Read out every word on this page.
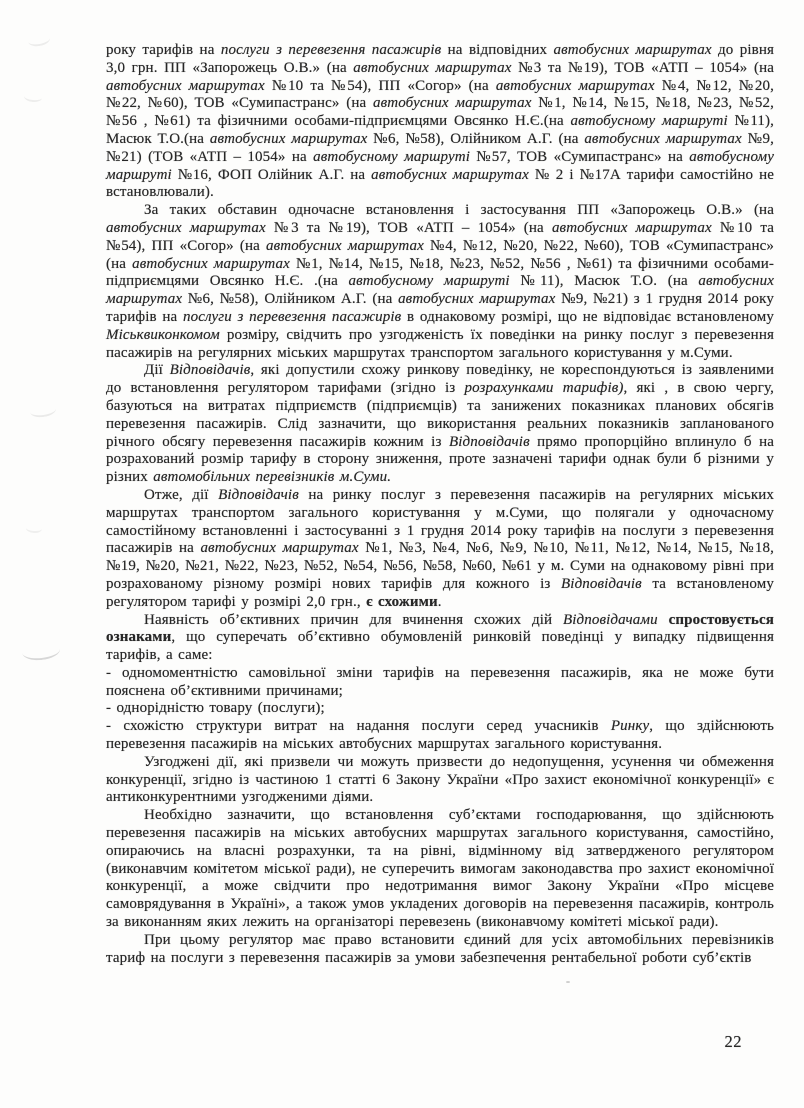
року тарифів на послуги з перевезення пасажирів на відповідних автобусних маршрутах до рівня 3,0 грн. ПП «Запорожець О.В.» (на автобусних маршрутах №3 та №19), ТОВ «АТП – 1054» (на автобусних маршрутах №10 та №54), ПП «Согор» (на автобусних маршрутах №4, №12, №20, №22, №60), ТОВ «Сумипастранс» (на автобусних маршрутах №1, №14, №15, №18, №23, №52, №56 , №61) та фізичними особами-підприємцями Овсянко Н.Є.(на автобусному маршруті №11), Масюк Т.О.(на автобусних маршрутах №6, №58), Олійником А.Г. (на автобусних маршрутах №9, №21) (ТОВ «АТП – 1054» на автобусному маршруті №57, ТОВ «Сумипастранс» на автобусному маршруті №16, ФОП Олійник А.Г. на автобусних маршрутах № 2 і №17А тарифи самостійно не встановлювали).

За таких обставин одночасне встановлення і застосування ПП «Запорожець О.В.» (на автобусних маршрутах №3 та №19), ТОВ «АТП – 1054» (на автобусних маршрутах №10 та №54), ПП «Согор» (на автобусних маршрутах №4, №12, №20, №22, №60), ТОВ «Сумипастранс» (на автобусних маршрутах №1, №14, №15, №18, №23, №52, №56 , №61) та фізичними особами-підприємцями Овсянко Н.Є. .(на автобусному маршруті №11), Масюк Т.О. (на автобусних маршрутах №6, №58), Олійником А.Г. (на автобусних маршрутах №9, №21) з 1 грудня 2014 року тарифів на послуги з перевезення пасажирів в однаковому розмірі, що не відповідає встановленому Міськвиконкомом розміру, свідчить про узгодженість їх поведінки на ринку послуг з перевезення пасажирів на регулярних міських маршрутах транспортом загального користування у м.Суми.

Дії Відповідачів, які допустили схожу ринкову поведінку, не кореспондуються із заявленими до встановлення регулятором тарифами (згідно із розрахунками тарифів), які , в свою чергу, базуються на витратах підприємств (підприємців) та занижених показниках планових обсягів перевезення пасажирів. Слід зазначити, що використання реальних показників запланованого річного обсягу перевезення пасажирів кожним із Відповідачів прямо пропорційно вплинуло б на розрахований розмір тарифу в сторону зниження, проте зазначені тарифи однак були б різними у різних автомобільних перевізників м.Суми.

Отже, дії Відповідачів на ринку послуг з перевезення пасажирів на регулярних міських маршрутах транспортом загального користування у м.Суми, що полягали у одночасному самостійному встановленні і застосуванні з 1 грудня 2014 року тарифів на послуги з перевезення пасажирів на автобусних маршрутах №1, №3, №4, №6, №9, №10, №11, №12, №14, №15, №18, №19, №20, №21, №22, №23, №52, №54, №56, №58, №60, №61 у м. Суми на однаковому рівні при розрахованому різному розмірі нових тарифів для кожного із Відповідачів та встановленому регулятором тарифі у розмірі 2,0 грн., є схожими.

Наявність об’єктивних причин для вчинення схожих дій Відповідачами спростовується ознаками, що суперечать об’єктивно обумовленій ринковій поведінці у випадку підвищення тарифів, а саме:

- одномоментністю самовільної зміни тарифів на перевезення пасажирів, яка не може бути пояснена об’єктивними причинами;

- однорідністю товару (послуги);

- схожістю структури витрат на надання послуги серед учасників Ринку, що здійснюють перевезення пасажирів на міських автобусних маршрутах загального користування.

Узгоджені дії, які призвели чи можуть призвести до недопущення, усунення чи обмеження конкуренції, згідно із частиною 1 статті 6 Закону України «Про захист економічної конкуренції» є антиконкурентними узгодженими діями.

Необхідно зазначити, що встановлення суб’єктами господарювання, що здійснюють перевезення пасажирів на міських автобусних маршрутах загального користування, самостійно, опираючись на власні розрахунки, та на рівні, відмінному від затвердженого регулятором (виконавчим комітетом міської ради), не суперечить вимогам законодавства про захист економічної конкуренції, а може свідчити про недотримання вимог Закону України «Про місцеве самоврядування в Україні», а також умов укладених договорів на перевезення пасажирів, контроль за виконанням яких лежить на організаторі перевезень (виконавчому комітеті міської ради).

При цьому регулятор має право встановити єдиний для усіх автомобільних перевізників тариф на послуги з перевезення пасажирів за умови забезпечення рентабельної роботи суб’єктів

22
